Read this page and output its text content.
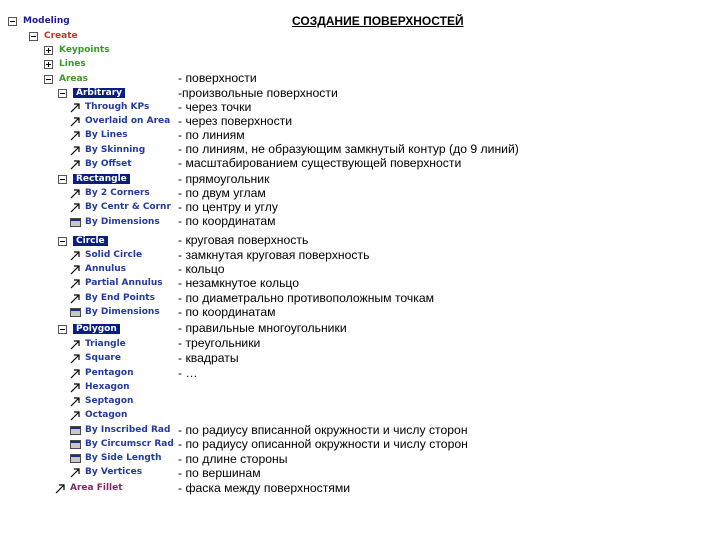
СОЗДАНИЕ ПОВЕРХНОСТЕЙ
Modeling
Create
Keypoints
Lines
Areas
Arbitrary
Through KPs
Overlaid on Area
By Lines
By Skinning
By Offset
Rectangle
By 2 Corners
By Centr & Cornr
By Dimensions
Circle
Solid Circle
Annulus
Partial Annulus
By End Points
By Dimensions
Polygon
Triangle
Square
Pentagon
Hexagon
Septagon
Octagon
By Inscribed Rad
By Circumscr Rad
By Side Length
By Vertices
Area Fillet
- поверхности
-произвольные поверхности
- через точки
- через поверхности
- по линиям
- по линиям, не образующим замкнутый контур (до 9 линий)
- масштабированием существующей поверхности
- прямоугольник
- по двум углам
- по центру и углу
- по координатам
- круговая поверхность
- замкнутая круговая поверхность
- кольцо
- незамкнутое кольцо
- по диаметрально противоположным точкам
- по координатам
- правильные многоугольники
- треугольники
- квадраты
- …
- по радиусу вписанной окружности и числу сторон
- по радиусу описанной окружности и числу сторон
- по длине стороны
- по вершинам
- фаска между поверхностями
